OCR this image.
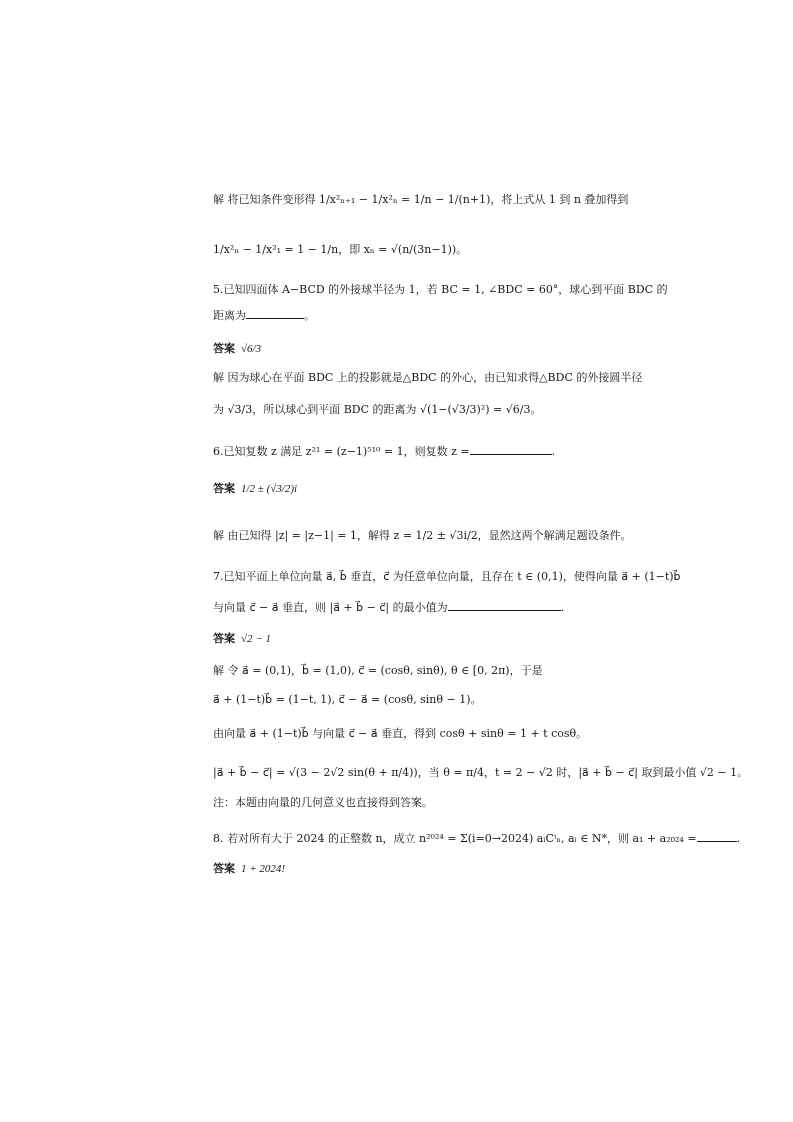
解 将已知条件变形得 1/x²ₙ₊₁ − 1/x²ₙ = 1/n − 1/(n+1)，将上式从 1 到 n 叠加得到
1/x²ₙ − 1/x²₁ = 1 − 1/n，即 xₙ = √(n/(3n−1))。
5.已知四面体 A−BCD 的外接球半径为 1，若 BC = 1, ∠BDC = 60°，球心到平面 BDC 的
距离为	。
答案 √6/3
解 因为球心在平面 BDC 上的投影就是△BDC 的外心，由已知求得△BDC 的外接圆半径
为 √3/3，所以球心到平面 BDC 的距离为 √(1−(√3/3)²) = √6/3。
6.已知复数 z 满足 z²¹ = (z−1)⁵¹⁰ = 1，则复数 z =	.
答案 1/2 ± (√3/2)i
解 由已知得 |z| = |z−1| = 1，解得 z = 1/2 ± √3i/2，显然这两个解满足题设条件。
7.已知平面上单位向量 a⃗, b⃗ 垂直，c⃗ 为任意单位向量，且存在 t ∈ (0,1)，使得向量 a⃗ + (1−t)b⃗
与向量 c⃗ − a⃗ 垂直，则 |a⃗ + b⃗ − c⃗| 的最小值为	.
答案 √2 − 1
解 令 a⃗ = (0,1)，b⃗ = (1,0), c⃗ = (cosθ, sinθ), θ ∈ [0, 2π)，于是
a⃗ + (1−t)b⃗ = (1−t, 1), c⃗ − a⃗ = (cosθ, sinθ − 1)。
由向量 a⃗ + (1−t)b⃗ 与向量 c⃗ − a⃗ 垂直，得到 cosθ + sinθ = 1 + t cosθ。
|a⃗ + b⃗ − c⃗| = √(3 − 2√2 sin(θ + π/4))，当 θ = π/4，t = 2 − √2 时，|a⃗ + b⃗ − c⃗| 取到最小值 √2 − 1。
注：本题由向量的几何意义也直接得到答案。
8. 若对所有大于 2024 的正整数 n，成立 n²⁰²⁴ = Σ(i=0→2024) aᵢCⁱₙ, aᵢ ∈ N*，则 a₁ + a₂₀₂₄ =	.
答案 1 + 2024!
